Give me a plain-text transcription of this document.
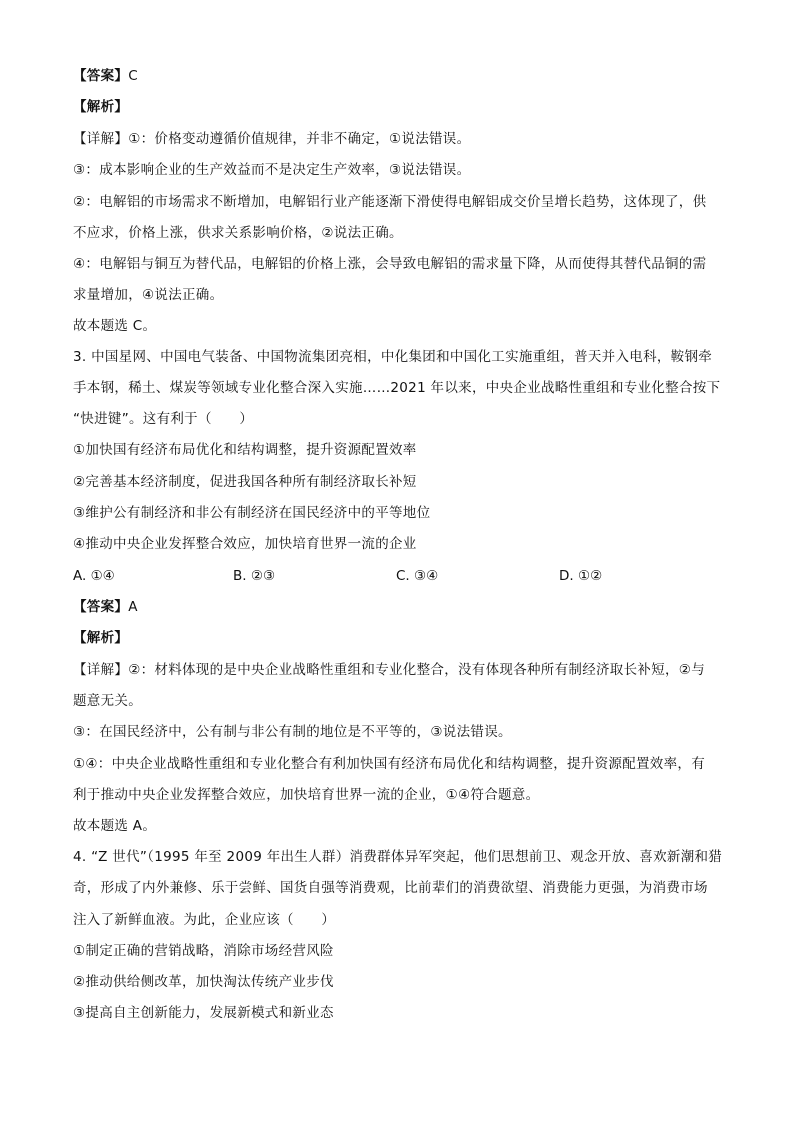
【答案】C
【解析】
【详解】①：价格变动遵循价值规律，并非不确定，①说法错误。
③：成本影响企业的生产效益而不是决定生产效率，③说法错误。
②：电解铝的市场需求不断增加，电解铝行业产能逐渐下滑使得电解铝成交价呈增长趋势，这体现了，供
不应求，价格上涨，供求关系影响价格，②说法正确。
④：电解铝与铜互为替代品，电解铝的价格上涨，会导致电解铝的需求量下降，从而使得其替代品铜的需
求量增加，④说法正确。
故本题选 C。
3. 中国星网、中国电气装备、中国物流集团亮相，中化集团和中国化工实施重组，普天并入电科，鞍钢牵
手本钢，稀土、煤炭等领域专业化整合深入实施……2021 年以来，中央企业战略性重组和专业化整合按下
“快进键”。这有利于（　　）
①加快国有经济布局优化和结构调整，提升资源配置效率
②完善基本经济制度，促进我国各种所有制经济取长补短
③维护公有制经济和非公有制经济在国民经济中的平等地位
④推动中央企业发挥整合效应，加快培育世界一流的企业
A. ①④	B. ②③	C. ③④	D. ①②
【答案】A
【解析】
【详解】②：材料体现的是中央企业战略性重组和专业化整合，没有体现各种所有制经济取长补短，②与
题意无关。
③：在国民经济中，公有制与非公有制的地位是不平等的，③说法错误。
①④：中央企业战略性重组和专业化整合有利加快国有经济布局优化和结构调整，提升资源配置效率，有
利于推动中央企业发挥整合效应，加快培育世界一流的企业，①④符合题意。
故本题选 A。
4. “Z 世代”（1995 年至 2009 年出生人群）消费群体异军突起，他们思想前卫、观念开放、喜欢新潮和猎
奇，形成了内外兼修、乐于尝鲜、国货自强等消费观，比前辈们的消费欲望、消费能力更强，为消费市场
注入了新鲜血液。为此，企业应该（　　）
①制定正确的营销战略，消除市场经营风险
②推动供给侧改革，加快淘汰传统产业步伐
③提高自主创新能力，发展新模式和新业态
